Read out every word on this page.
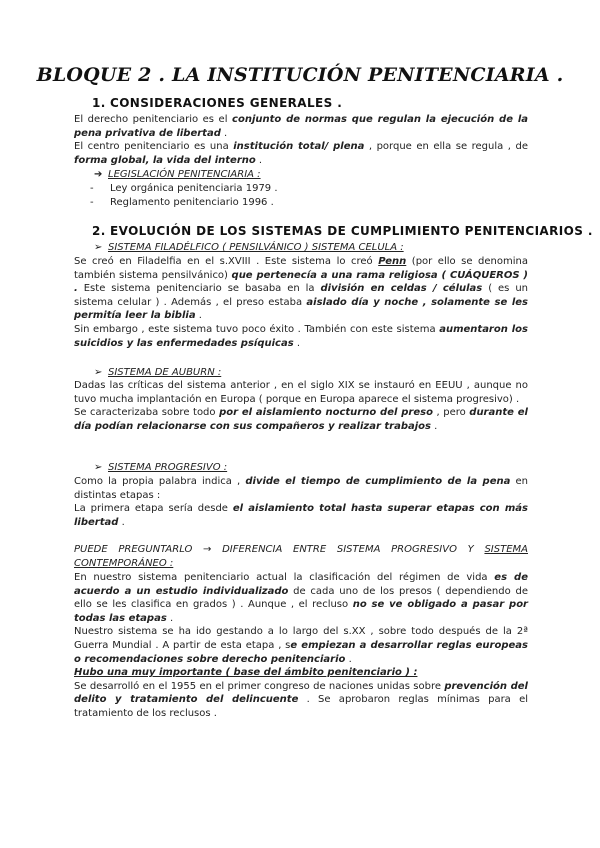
BLOQUE 2 . LA INSTITUCIÓN PENITENCIARIA .
1. CONSIDERACIONES GENERALES .

El derecho penitenciario es el conjunto de normas que regulan la ejecución de la pena privativa de libertad .

El centro penitenciario es una institución total/ plena , porque en ella se regula , de forma global, la vida del interno .

➔ LEGISLACIÓN PENITENCIARIA :
- Ley orgánica penitenciaria 1979 .
- Reglamento penitenciario 1996 .
2. EVOLUCIÓN DE LOS SISTEMAS DE CUMPLIMIENTO PENITENCIARIOS .
➢ SISTEMA FILADÉLFICO ( PENSILVÁNICO ) SISTEMA CELULA :

Se creó en Filadelfia en el s.XVIII . Este sistema lo creó Penn (por ello se denomina también sistema pensilvánico) que pertenecía a una rama religiosa ( CUÁQUEROS ) . Este sistema penitenciario se basaba en la división en celdas / células ( es un sistema celular ) . Además , el preso estaba aislado día y noche , solamente se les permitía leer la biblia .

Sin embargo , este sistema tuvo poco éxito . También con este sistema aumentaron los suicidios y las enfermedades psíquicas .

➢ SISTEMA DE AUBURN :

Dadas las críticas del sistema anterior , en el siglo XIX se instauró en EEUU , aunque no tuvo mucha implantación en Europa ( porque en Europa aparece el sistema progresivo) .

Se caracterizaba sobre todo por el aislamiento nocturno del preso , pero durante el día podían relacionarse con sus compañeros y realizar trabajos .

➢ SISTEMA PROGRESIVO :

Como la propia palabra indica , divide el tiempo de cumplimiento de la pena en distintas etapas :

La primera etapa sería desde el aislamiento total hasta superar etapas con más libertad .

PUEDE PREGUNTARLO → DIFERENCIA ENTRE SISTEMA PROGRESIVO Y SISTEMA CONTEMPORÁNEO :

En nuestro sistema penitenciario actual la clasificación del régimen de vida es de acuerdo a un estudio individualizado de cada uno de los presos ( dependiendo de ello se les clasifica en grados ) . Aunque , el recluso no se ve obligado a pasar por todas las etapas .

Nuestro sistema se ha ido gestando a lo largo del s.XX , sobre todo después de la 2ª Guerra Mundial . A partir de esta etapa , se empiezan a desarrollar reglas europeas o recomendaciones sobre derecho penitenciario .

Hubo una muy importante ( base del ámbito penitenciario ) :

Se desarrolló en el 1955 en el primer congreso de naciones unidas sobre prevención del delito y tratamiento del delincuente . Se aprobaron reglas mínimas para el tratamiento de los reclusos .
